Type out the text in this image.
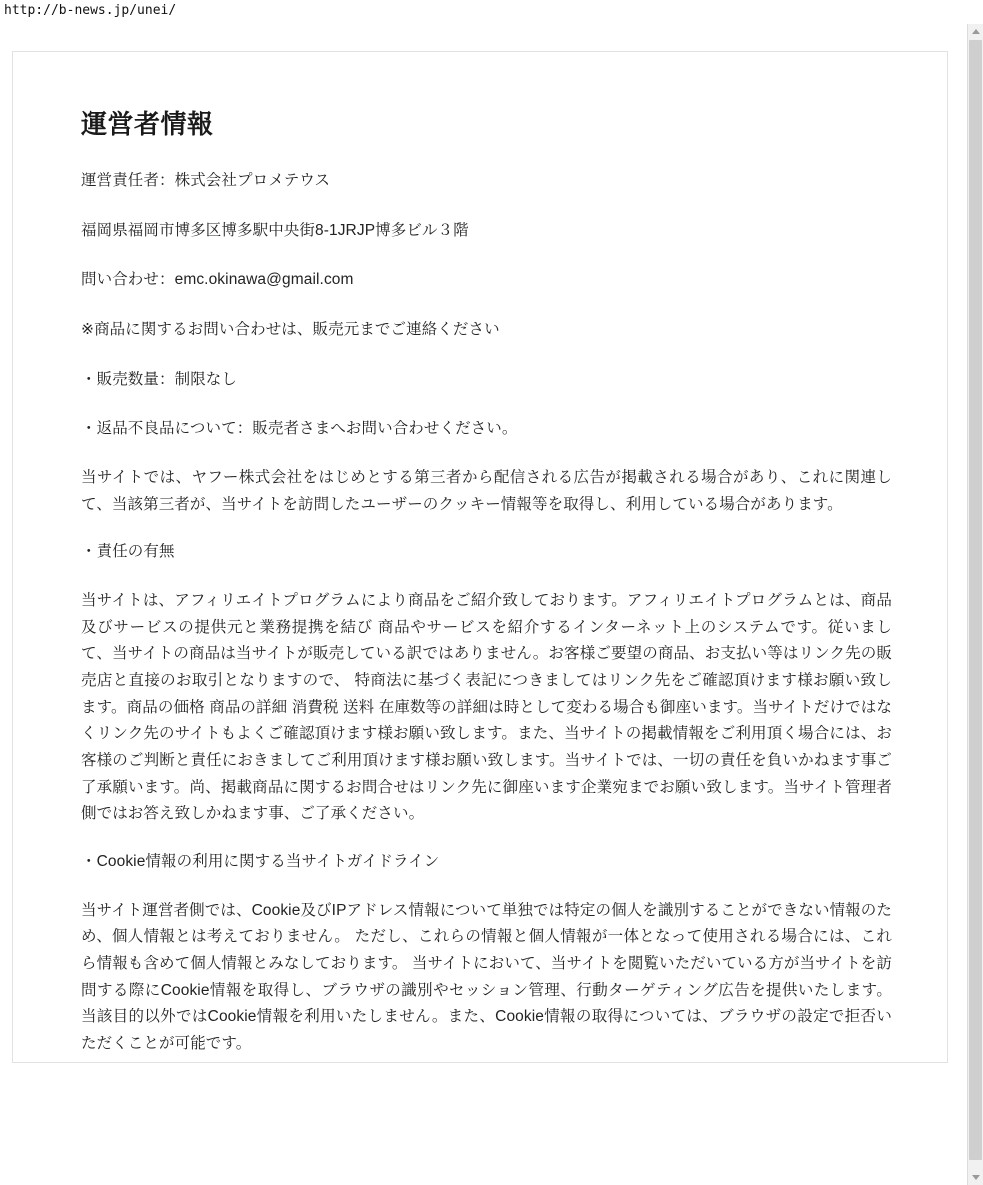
http://b-news.jp/unei/
運営者情報

運営責任者：株式会社プロメテウス

福岡県福岡市博多区博多駅中央街8-1JRJP博多ビル３階

問い合わせ：emc.okinawa@gmail.com

※商品に関するお問い合わせは、販売元までご連絡ください

・販売数量：制限なし

・返品不良品について：販売者さまへお問い合わせください。

当サイトでは、ヤフー株式会社をはじめとする第三者から配信される広告が掲載される場合があり、これに関連して、当該第三者が、当サイトを訪問したユーザーのクッキー情報等を取得し、利用している場合があります。

・責任の有無

当サイトは、アフィリエイトプログラムにより商品をご紹介致しております。アフィリエイトプログラムとは、商品及びサービスの提供元と業務提携を結び 商品やサービスを紹介するインターネット上のシステムです。従いまして、当サイトの商品は当サイトが販売している訳ではありません。お客様ご要望の商品、お支払い等はリンク先の販売店と直接のお取引となりますので、 特商法に基づく表記につきましてはリンク先をご確認頂けます様お願い致します。商品の価格 商品の詳細 消費税 送料 在庫数等の詳細は時として変わる場合も御座います。当サイトだけではなくリンク先のサイトもよくご確認頂けます様お願い致します。また、当サイトの掲載情報をご利用頂く場合には、お客様のご判断と責任におきましてご利用頂けます様お願い致します。当サイトでは、一切の責任を負いかねます事ご了承願います。尚、掲載商品に関するお問合せはリンク先に御座います企業宛までお願い致します。当サイト管理者側ではお答え致しかねます事、ご了承ください。

・Cookie情報の利用に関する当サイトガイドライン

当サイト運営者側では、Cookie及びIPアドレス情報について単独では特定の個人を識別することができない情報のため、個人情報とは考えておりません。 ただし、これらの情報と個人情報が一体となって使用される場合には、これら情報も含めて個人情報とみなしております。 当サイトにおいて、当サイトを閲覧いただいている方が当サイトを訪問する際にCookie情報を取得し、ブラウザの識別やセッション管理、行動ターゲティング広告を提供いたします。 当該目的以外ではCookie情報を利用いたしません。また、Cookie情報の取得については、ブラウザの設定で拒否いただくことが可能です。
